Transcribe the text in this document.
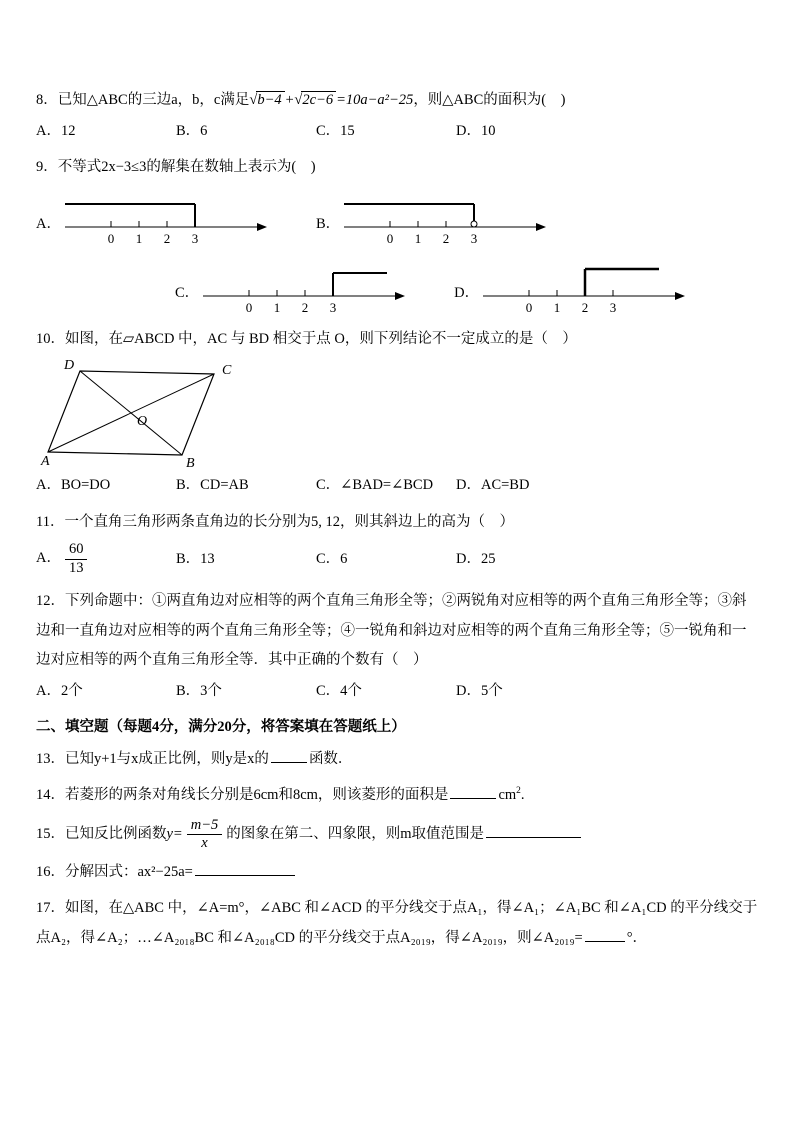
8．已知△ABC的三边a，b，c满足√b−4 +√2c−6 =10a−a²−25，则△ABC的面积为(　)

A．12	B．6	C．15	D．10

9．不等式2x−3≤3的解集在数轴上表示为(　)

A．
0 1 2 3
B．
0 1 2 3
C．
0 1 2 3
D．
0 1 2 3

10．如图，在▱ABCD 中，AC 与 BD 相交于点 O，则下列结论不一定成立的是（　）

D	C
A	B
O
A．BO=DO	B．CD=AB	C．∠BAD=∠BCD	D．AC=BD

11．一个直角三角形两条直角边的长分别为5, 12，则其斜边上的高为（　）

A． $\frac{60}{13}$	B．13	C．6	D．25

12．下列命题中：①两直角边对应相等的两个直角三角形全等；②两锐角对应相等的两个直角三角形全等；③斜边和一直角边对应相等的两个直角三角形全等；④一锐角和斜边对应相等的两个直角三角形全等；⑤一锐角和一边对应相等的两个直角三角形全等．其中正确的个数有（　）

A．2个	B．3个	C．4个	D．5个

二、填空题（每题4分，满分20分，将答案填在答题纸上）

13．已知y+1与x成正比例，则y是x的	函数．

14．若菱形的两条对角线长分别是6cm和8cm，则该菱形的面积是	$cm^2$.

15．已知反比例函数$y= \frac{m-5}{x}$ 的图象在第二、四象限，则m取值范围是

16．分解因式：ax²−25a=

17．如图，在△ABC 中，∠A=m°，∠ABC 和∠ACD 的平分线交于点A₁，得∠A₁；∠A₁BC 和∠A₁CD 的平分线交于点A₂，得∠A₂；…∠A₂₀₁₈BC 和∠A₂₀₁₈CD 的平分线交于点A₂₀₁₉，得∠A₂₀₁₉，则∠A₂₀₁₉=	°．
